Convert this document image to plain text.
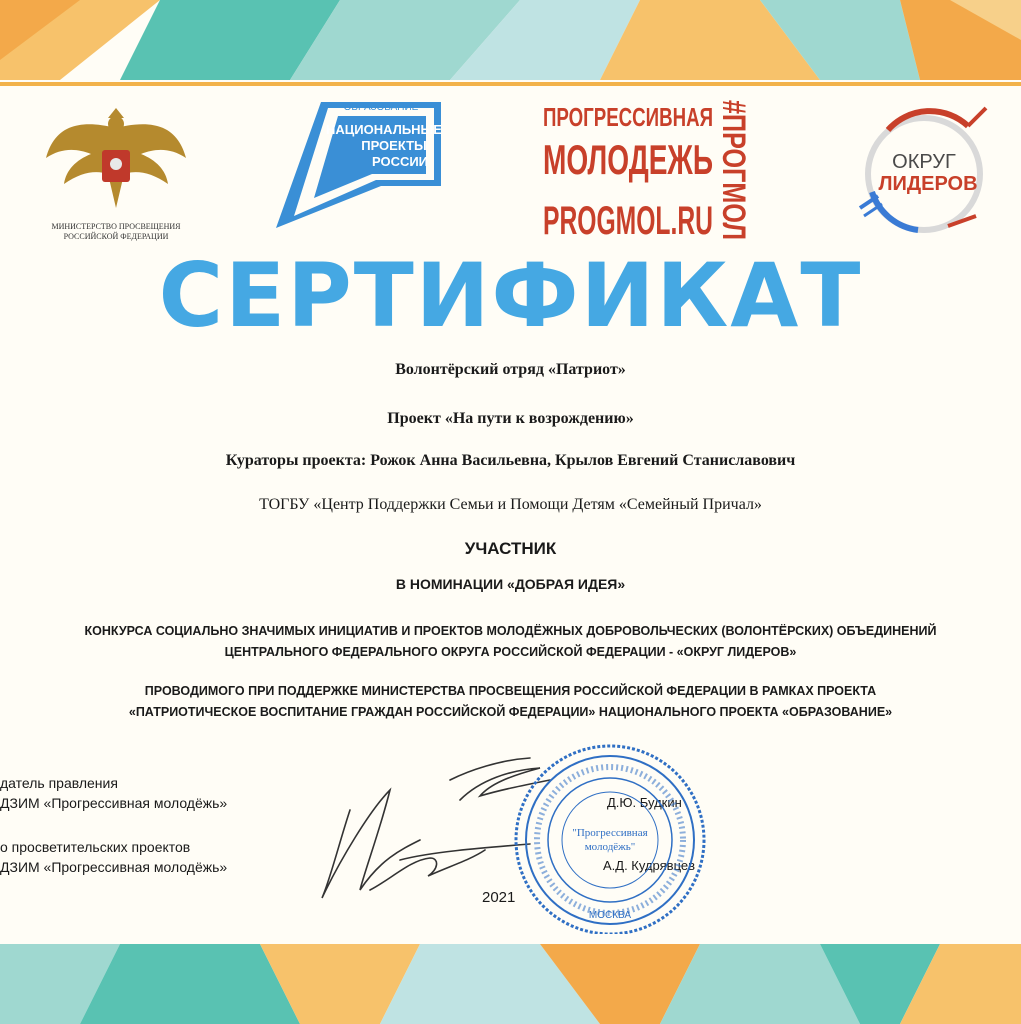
МИНИСТЕРСТВО ПРОСВЕЩЕНИЯ РОССИЙСКОЙ ФЕДЕРАЦИИ
ОБРАЗОВАНИЕ
НАЦИОНАЛЬНЫЕ
ПРОЕКТЫ
РОССИИ
ПРОГРЕССИВНАЯ
МОЛОДЕЖЬ
PROGMOL.RU #ПРОГМОЛ	ОКРУГ
ЛИДЕРОВ
СЕРТИФИКАТ
Волонтёрский отряд «Патриот»
Проект «На пути к возрождению»
Кураторы проекта: Рожок Анна Васильевна, Крылов Евгений Станиславович
ТОГБУ «Центр Поддержки Семьи и Помощи Детям «Семейный Причал»
УЧАСТНИК
В НОМИНАЦИИ «ДОБРАЯ ИДЕЯ»
КОНКУРСА СОЦИАЛЬНО ЗНАЧИМЫХ ИНИЦИАТИВ И ПРОЕКТОВ МОЛОДЁЖНЫХ ДОБРОВОЛЬЧЕСКИХ (ВОЛОНТЁРСКИХ) ОБЪЕДИНЕНИЙ
ЦЕНТРАЛЬНОГО ФЕДЕРАЛЬНОГО ОКРУГА РОССИЙСКОЙ ФЕДЕРАЦИИ - «ОКРУГ ЛИДЕРОВ»
ПРОВОДИМОГО ПРИ ПОДДЕРЖКЕ МИНИСТЕРСТВА ПРОСВЕЩЕНИЯ РОССИЙСКОЙ ФЕДЕРАЦИИ В РАМКАХ ПРОЕКТА
«ПАТРИОТИЧЕСКОЕ ВОСПИТАНИЕ ГРАЖДАН РОССИЙСКОЙ ФЕДЕРАЦИИ» НАЦИОНАЛЬНОГО ПРОЕКТА «ОБРАЗОВАНИЕ»
датель правления
ДЗИМ «Прогрессивная молодёжь»
о просветительских проектов
ДЗИМ «Прогрессивная молодёжь»
Д.Ю. Будкин
А.Д. Кудрявцев
2021
"Прогрессивная
молодёжь"
МОСКВА
